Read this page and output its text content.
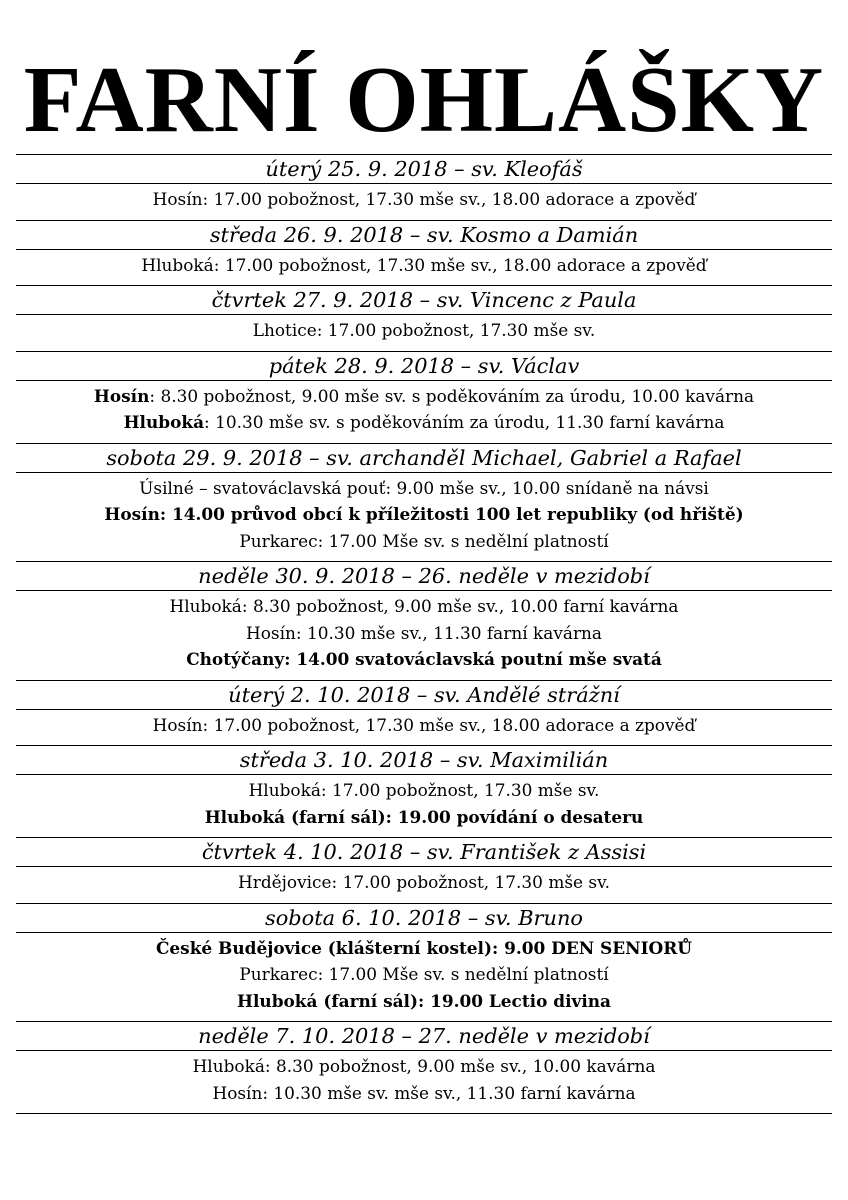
FARNÍ OHLÁŠKY
úterý 25. 9. 2018 – sv. Kleofáš
Hosín: 17.00 pobožnost, 17.30 mše sv., 18.00 adorace a zpověď
středa 26. 9. 2018 – sv. Kosmo a Damián
Hluboká: 17.00 pobožnost, 17.30 mše sv., 18.00 adorace a zpověď
čtvrtek 27. 9. 2018 – sv. Vincenc z Paula
Lhotice: 17.00 pobožnost, 17.30 mše sv.
pátek 28. 9. 2018 – sv. Václav
Hosín: 8.30 pobožnost, 9.00 mše sv. s poděkováním za úrodu, 10.00 kavárna
Hluboká: 10.30 mše sv. s poděkováním za úrodu, 11.30 farní kavárna
sobota 29. 9. 2018 – sv. archanděl Michael, Gabriel a Rafael
Úsilné – svatováclavská pouť: 9.00 mše sv., 10.00 snídaně na návsi
Hosín: 14.00 průvod obcí k příležitosti 100 let republiky (od hřiště)
Purkarec: 17.00 Mše sv. s nedělní platností
neděle 30. 9. 2018 – 26. neděle v mezidobí
Hluboká: 8.30 pobožnost, 9.00 mše sv., 10.00 farní kavárna
Hosín: 10.30 mše sv., 11.30 farní kavárna
Chotýčany: 14.00 svatováclavská poutní mše svatá
úterý 2. 10. 2018 – sv. Andělé strážní
Hosín: 17.00 pobožnost, 17.30 mše sv., 18.00 adorace a zpověď
středa 3. 10. 2018 – sv. Maximilián
Hluboká: 17.00 pobožnost, 17.30 mše sv.
Hluboká (farní sál): 19.00 povídání o desateru
čtvrtek 4. 10. 2018 – sv. František z Assisi
Hrdějovice: 17.00 pobožnost, 17.30 mše sv.
sobota 6. 10. 2018 – sv. Bruno
České Budějovice (klášterní kostel): 9.00 DEN SENIORŮ
Purkarec: 17.00 Mše sv. s nedělní platností
Hluboká (farní sál): 19.00 Lectio divina
neděle 7. 10. 2018 – 27. neděle v mezidobí
Hluboká: 8.30 pobožnost, 9.00 mše sv., 10.00 kavárna
Hosín: 10.30 mše sv. mše sv., 11.30 farní kavárna
